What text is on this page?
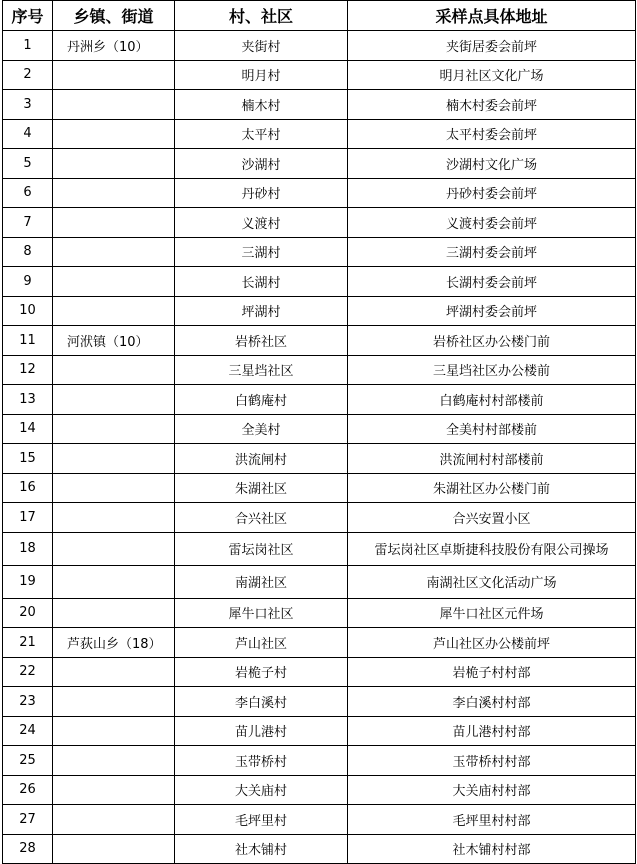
序号	乡镇、街道	村、社区	采样点具体地址
1	丹洲乡（10）	夹街村	夹街居委会前坪
2		明月村	明月社区文化广场
3		楠木村	楠木村委会前坪
4		太平村	太平村委会前坪
5		沙湖村	沙湖村文化广场
6		丹砂村	丹砂村委会前坪
7		义渡村	义渡村委会前坪
8		三湖村	三湖村委会前坪
9		长湖村	长湖村委会前坪
10		坪湖村	坪湖村委会前坪
11	河洑镇（10）	岩桥社区	岩桥社区办公楼门前
12		三星垱社区	三星垱社区办公楼前
13		白鹤庵村	白鹤庵村村部楼前
14		全美村	全美村村部楼前
15		洪流闸村	洪流闸村村部楼前
16		朱湖社区	朱湖社区办公楼门前
17		合兴社区	合兴安置小区
18		雷坛岗社区	雷坛岗社区卓斯捷科技股份有限公司操场
19		南湖社区	南湖社区文化活动广场
20		犀牛口社区	犀牛口社区元件场
21	芦荻山乡（18）	芦山社区	芦山社区办公楼前坪
22		岩桅子村	岩桅子村村部
23		李白溪村	李白溪村村部
24		苗儿港村	苗儿港村村部
25		玉带桥村	玉带桥村村部
26		大关庙村	大关庙村村部
27		毛坪里村	毛坪里村村部
28		社木铺村	社木铺村村部
